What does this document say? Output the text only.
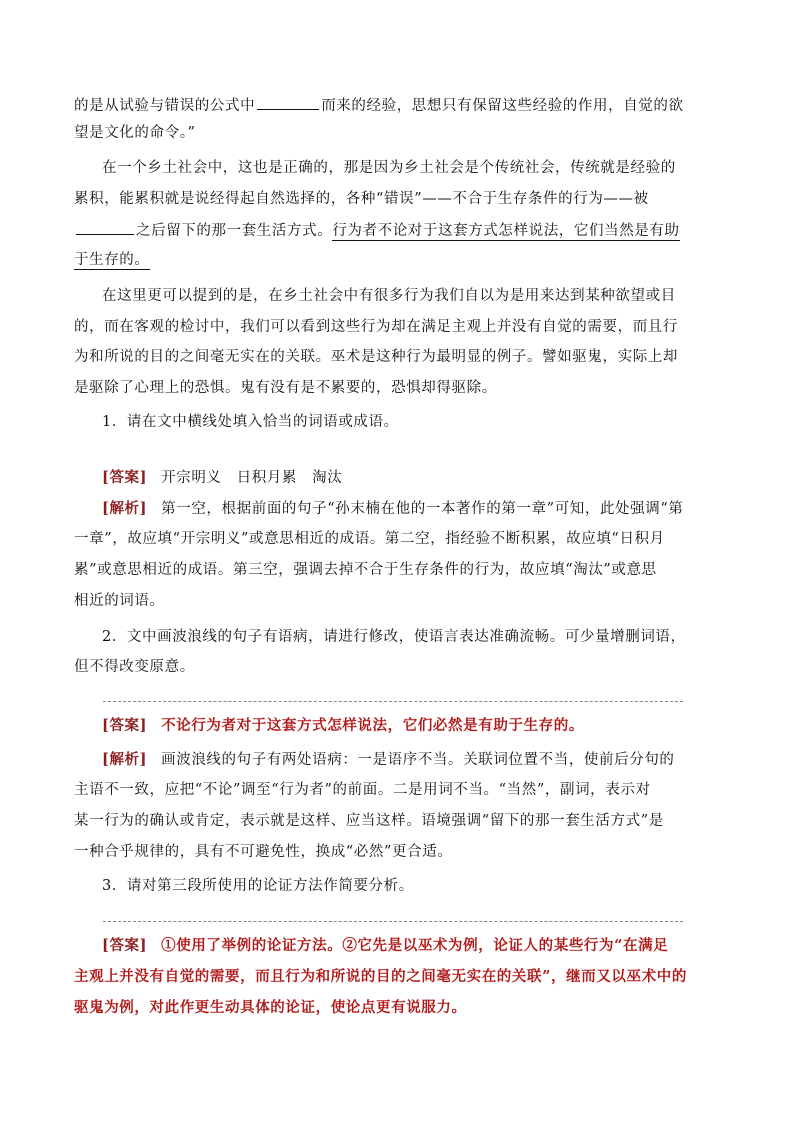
的是从试验与错误的公式中	而来的经验，思想只有保留这些经验的作用，自觉的欲
望是文化的命令。”
在一个乡土社会中，这也是正确的，那是因为乡土社会是个传统社会，传统就是经验的
累积，能累积就是说经得起自然选择的，各种“错误”——不合于生存条件的行为——被
之后留下的那一套生活方式。行为者不论对于这套方式怎样说法，它们当然是有助
于生存的。
在这里更可以提到的是，在乡土社会中有很多行为我们自以为是用来达到某种欲望或目
的，而在客观的检讨中，我们可以看到这些行为却在满足主观上并没有自觉的需要，而且行
为和所说的目的之间毫无实在的关联。巫术是这种行为最明显的例子。譬如驱鬼，实际上却
是驱除了心理上的恐惧。鬼有没有是不累要的，恐惧却得驱除。
1．请在文中横线处填入恰当的词语或成语。
[答案] 开宗明义　日积月累　淘汰
[解析] 第一空，根据前面的句子“孙末楠在他的一本著作的第一章”可知，此处强调“第
一章”，故应填“开宗明义”或意思相近的成语。第二空，指经验不断积累，故应填“日积月
累”或意思相近的成语。第三空，强调去掉不合于生存条件的行为，故应填“淘汰”或意思
相近的词语。
2．文中画波浪线的句子有语病，请进行修改，使语言表达准确流畅。可少量增删词语，
但不得改变原意。
[答案] 不论行为者对于这套方式怎样说法，它们必然是有助于生存的。
[解析] 画波浪线的句子有两处语病：一是语序不当。关联词位置不当，使前后分句的
主语不一致，应把“不论”调至“行为者”的前面。二是用词不当。“当然”，副词，表示对
某一行为的确认或肯定，表示就是这样、应当这样。语境强调“留下的那一套生活方式”是
一种合乎规律的，具有不可避免性，换成“必然”更合适。
3．请对第三段所使用的论证方法作简要分析。
[答案] ①使用了举例的论证方法。②它先是以巫术为例，论证人的某些行为“在满足
主观上并没有自觉的需要，而且行为和所说的目的之间毫无实在的关联”，继而又以巫术中的
驱鬼为例，对此作更生动具体的论证，使论点更有说服力。
